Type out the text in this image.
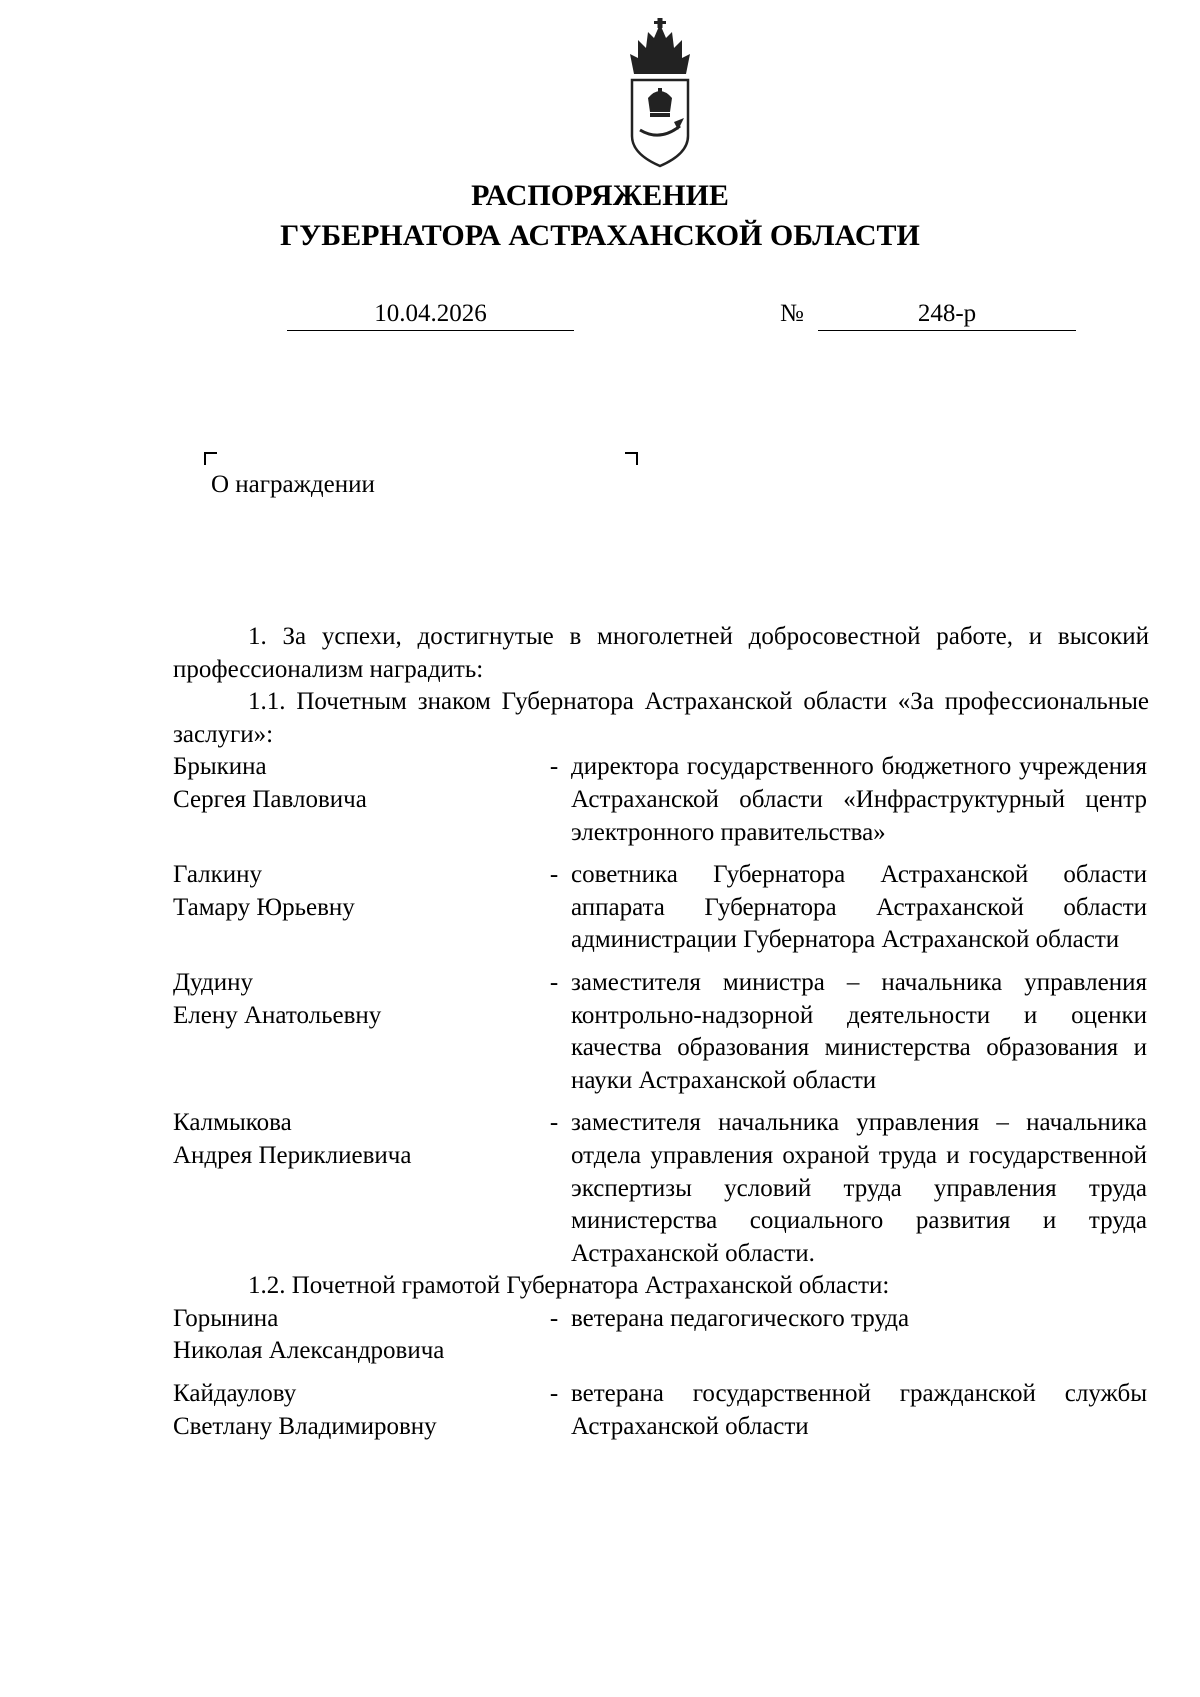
РАСПОРЯЖЕНИЕ
ГУБЕРНАТОРА АСТРАХАНСКОЙ ОБЛАСТИ
10.04.2026	№	248-р
О награждении

1. За успехи, достигнутые в многолетней добросовестной работе, и высокий профессионализм наградить:

1.1. Почетным знаком Губернатора Астраханской области «За профессиональные заслуги»:

Брыкина
Сергея Павловича
- директора государственного бюджетного учреждения Астраханской области «Инфраструктурный центр электронного правительства»
Галкину
Тамару Юрьевну
- советника Губернатора Астраханской области аппарата Губернатора Астраханской области администрации Губернатора Астраханской области
Дудину
Елену Анатольевну
- заместителя министра – начальника управления контрольно-надзорной деятельности и оценки качества образования министерства образования и науки Астраханской области
Калмыкова
Андрея Периклиевича
- заместителя начальника управления – начальника отдела управления охраной труда и государственной экспертизы условий труда управления труда министерства социального развития и труда Астраханской области.

1.2. Почетной грамотой Губернатора Астраханской области:

Горынина
Николая Александровича
- ветерана педагогического труда
Кайдаулову
Светлану Владимировну
- ветерана государственной гражданской службы Астраханской области
